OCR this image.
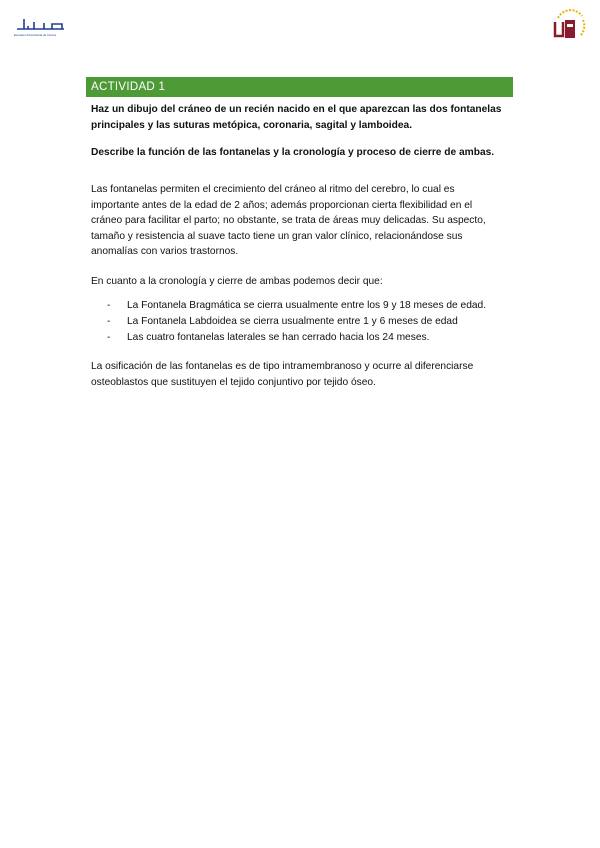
Escuela Universitaria de Osuna
ACTIVIDAD 1
Haz un dibujo del cráneo de un recién nacido en el que aparezcan las dos fontanelas principales y las suturas metópica, coronaria, sagital y lamboidea.
Describe la función de las fontanelas y la cronología y proceso de cierre de ambas.
Las fontanelas permiten el crecimiento del cráneo al ritmo del cerebro, lo cual es importante antes de la edad de 2 años; además proporcionan cierta flexibilidad en el cráneo para facilitar el parto; no obstante, se trata de áreas muy delicadas. Su aspecto, tamaño y resistencia al suave tacto tiene un gran valor clínico, relacionándose sus anomalías con varios trastornos.
En cuanto a la cronología y cierre de ambas podemos decir que:
- La Fontanela Bragmática se cierra usualmente entre los 9 y 18 meses de edad.
- La Fontanela Labdoidea se cierra usualmente entre 1 y 6 meses de edad
- Las cuatro fontanelas laterales se han cerrado hacia los 24 meses.
La osificación de las fontanelas es de tipo intramembranoso y ocurre al diferenciarse osteoblastos que sustituyen el tejido conjuntivo por tejido óseo.
